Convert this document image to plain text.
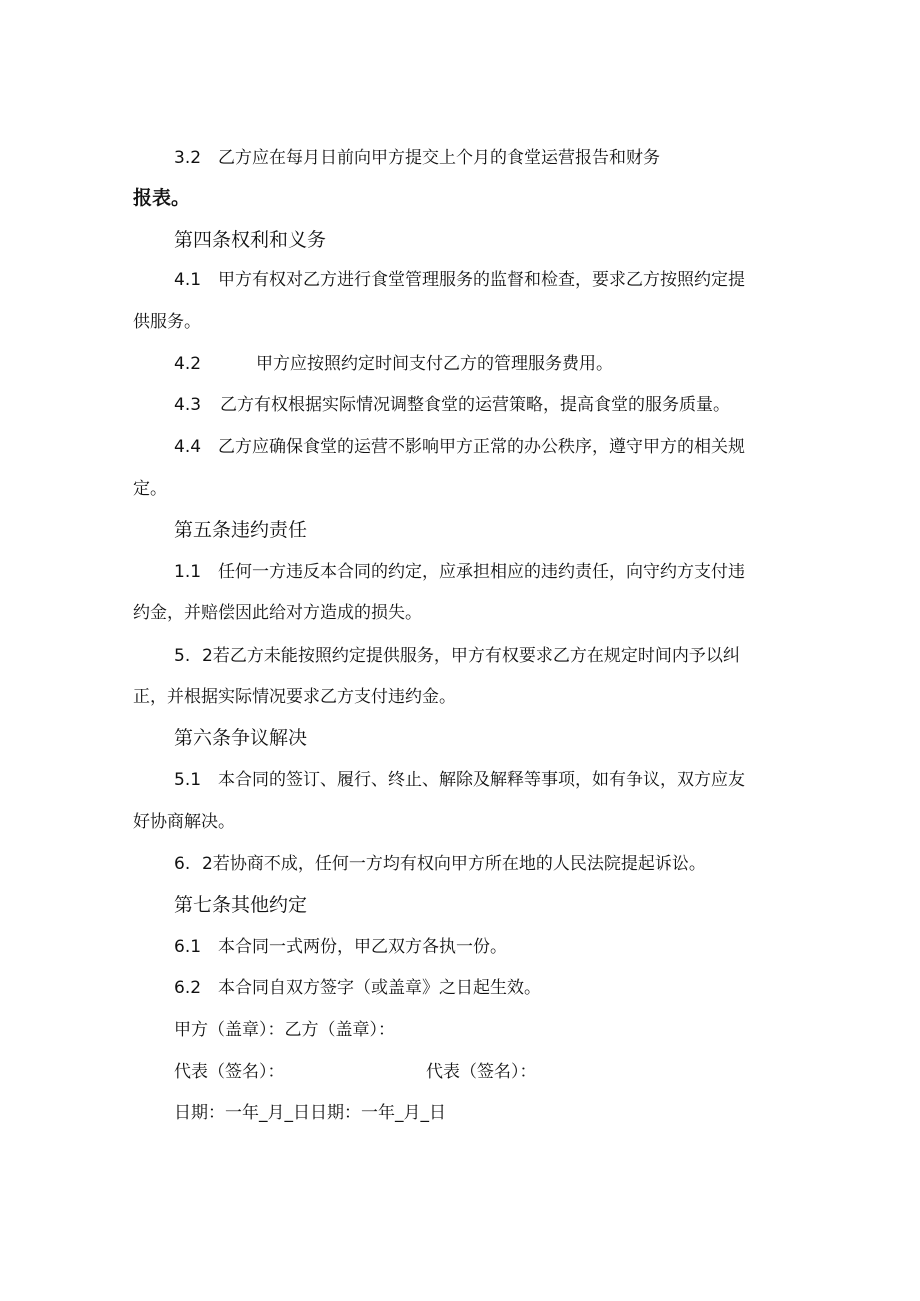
3.2 乙方应在每月日前向甲方提交上个月的食堂运营报告和财务
报表。
第四条权利和义务
4.1 甲方有权对乙方进行食堂管理服务的监督和检查，要求乙方按照约定提
供服务。
4.2	甲方应按照约定时间支付乙方的管理服务费用。
4.3 乙方有权根据实际情况调整食堂的运营策略，提高食堂的服务质量。
4.4 乙方应确保食堂的运营不影响甲方正常的办公秩序，遵守甲方的相关规
定。
第五条违约责任
1.1 任何一方违反本合同的约定，应承担相应的违约责任，向守约方支付违
约金，并赔偿因此给对方造成的损失。
5. 2若乙方未能按照约定提供服务，甲方有权要求乙方在规定时间内予以纠
正，并根据实际情况要求乙方支付违约金。
第六条争议解决
5.1 本合同的签订、履行、终止、解除及解释等事项，如有争议，双方应友
好协商解决。
6. 2若协商不成，任何一方均有权向甲方所在地的人民法院提起诉讼。
第七条其他约定
6.1 本合同一式两份，甲乙双方各执一份。
6.2 本合同自双方签字（或盖章》之日起生效。
甲方（盖章）：乙方（盖章）：
代表（签名）：	代表（签名）：
日期：一年_月_日日期：一年_月_日
